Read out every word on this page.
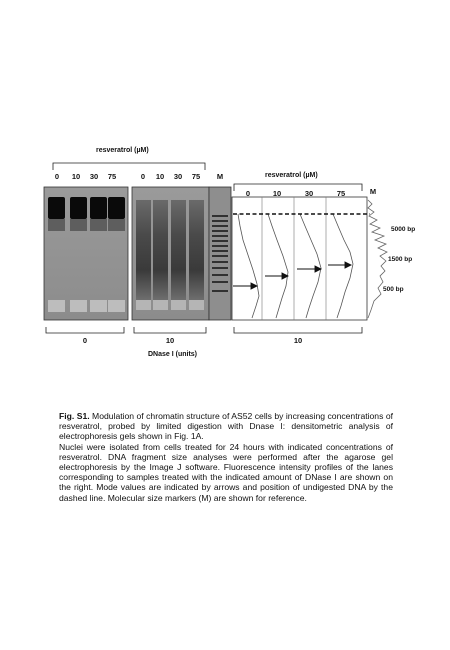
resveratrol (µM)
0	10	30	75	0	10	30	75	M	resveratrol (µM)
0	10	30	75	M
5000 bp
1500 bp
500 bp
0	10	10
DNase I (units)

Fig. S1. Modulation of chromatin structure of AS52 cells by increasing concentrations of resveratrol, probed by limited digestion with Dnase I: densitometric analysis of electrophoresis gels shown in Fig. 1A.

Nuclei were isolated from cells treated for 24 hours with indicated concentrations of resveratrol. DNA fragment size analyses were performed after the agarose gel electrophoresis by the Image J software. Fluorescence intensity profiles of the lanes corresponding to samples treated with the indicated amount of DNase I are shown on the right. Mode values are indicated by arrows and position of undigested DNA by the dashed line. Molecular size markers (M) are shown for reference.
